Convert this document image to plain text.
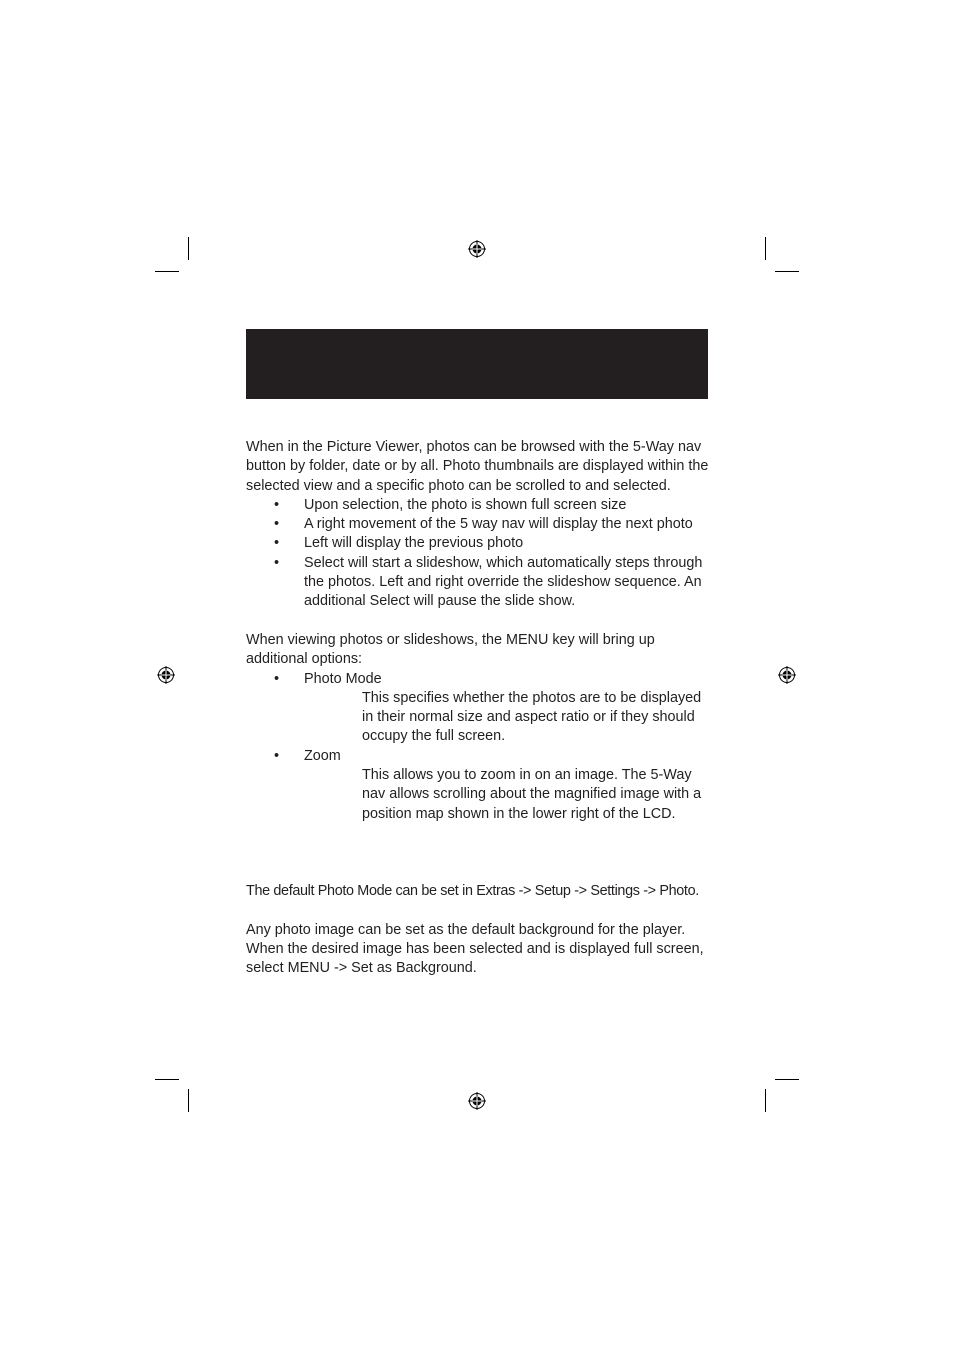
When in the Picture Viewer, photos can be browsed with the 5-Way nav button by folder, date or by all. Photo thumbnails are displayed within the selected view and a specific photo can be scrolled to and selected.

• Upon selection, the photo is shown full screen size
• A right movement of the 5 way nav will display the next photo
• Left will display the previous photo
• Select will start a slideshow, which automatically steps through the photos. Left and right override the slideshow sequence. An additional Select will pause the slide show.

When viewing photos or slideshows, the MENU key will bring up additional options:

• Photo Mode

This specifies whether the photos are to be displayed in their normal size and aspect ratio or if they should occupy the full screen.

• Zoom

This allows you to zoom in on an image. The 5-Way nav allows scrolling about the magnified image with a position map shown in the lower right of the LCD.

The default Photo Mode can be set in Extras -> Setup -> Settings -> Photo.

Any photo image can be set as the default background for the player. When the desired image has been selected and is displayed full screen, select MENU -> Set as Background.
